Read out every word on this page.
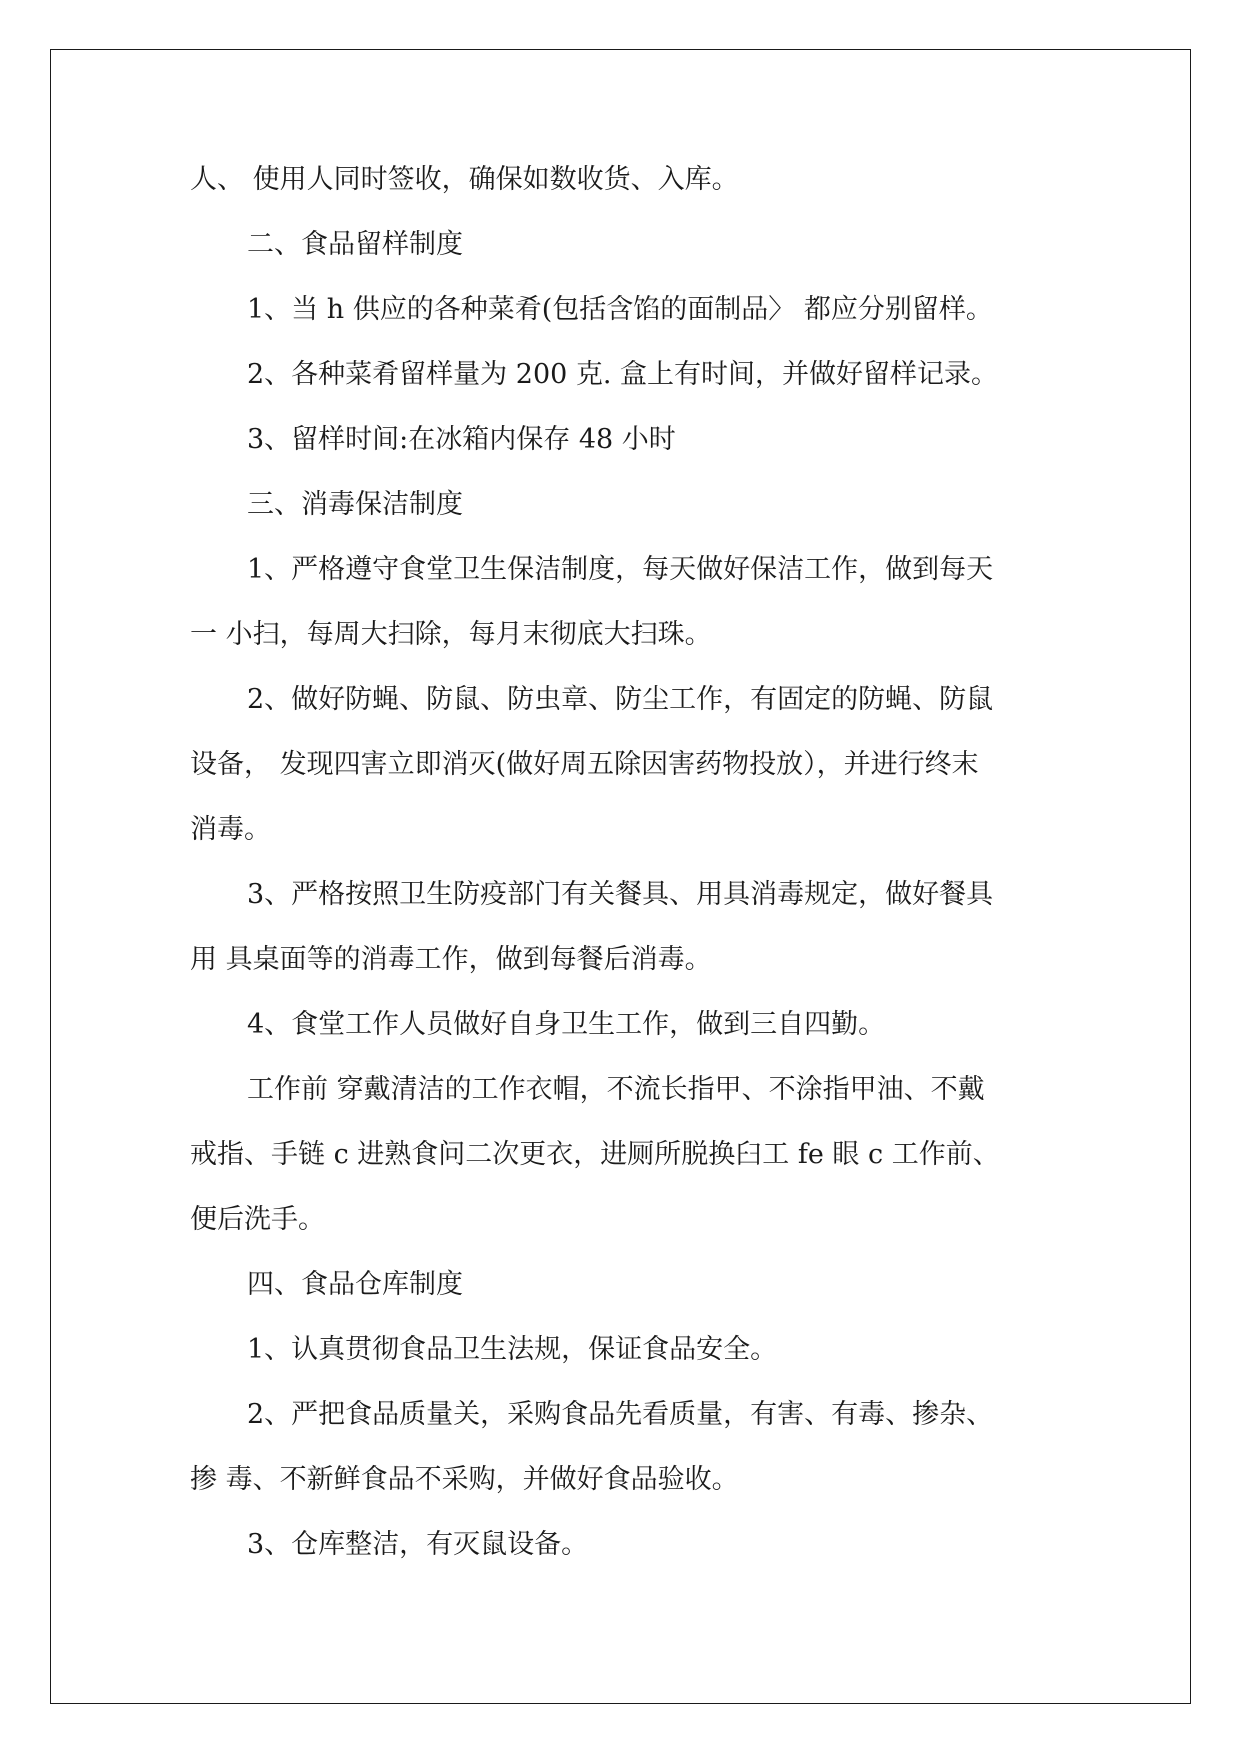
人、 使用人同时签收，确保如数收货、入库。
二、食品留样制度
1、当 h 供应的各种菜肴(包括含馅的面制品〉 都应分别留样。
2、各种菜肴留样量为 200 克. 盒上有时间，并做好留样记录。
3、留样时间:在冰箱内保存 48 小时
三、消毒保洁制度
1、严格遵守食堂卫生保洁制度，每天做好保洁工作，做到每天
一 小扫，每周大扫除，每月末彻底大扫珠。
2、做好防蝇、防鼠、防虫章、防尘工作，有固定的防蝇、防鼠
设备， 发现四害立即消灭(做好周五除因害药物投放），并进行终末
消毒。
3、严格按照卫生防疫部门有关餐具、用具消毒规定，做好餐具
用 具桌面等的消毒工作，做到每餐后消毒。
4、食堂工作人员做好自身卫生工作，做到三自四勤。
工作前 穿戴清洁的工作衣帽，不流长指甲、不涂指甲油、不戴
戒指、手链 c 进熟食问二次更衣，进厕所脱换臼工 fe 眼 c 工作前、
便后洗手。
四、食品仓库制度
1、认真贯彻食品卫生法规，保证食品安全。
2、严把食品质量关，采购食品先看质量，有害、有毒、掺杂、
掺 毒、不新鲜食品不采购，并做好食品验收。
3、仓库整洁，有灭鼠设备。
